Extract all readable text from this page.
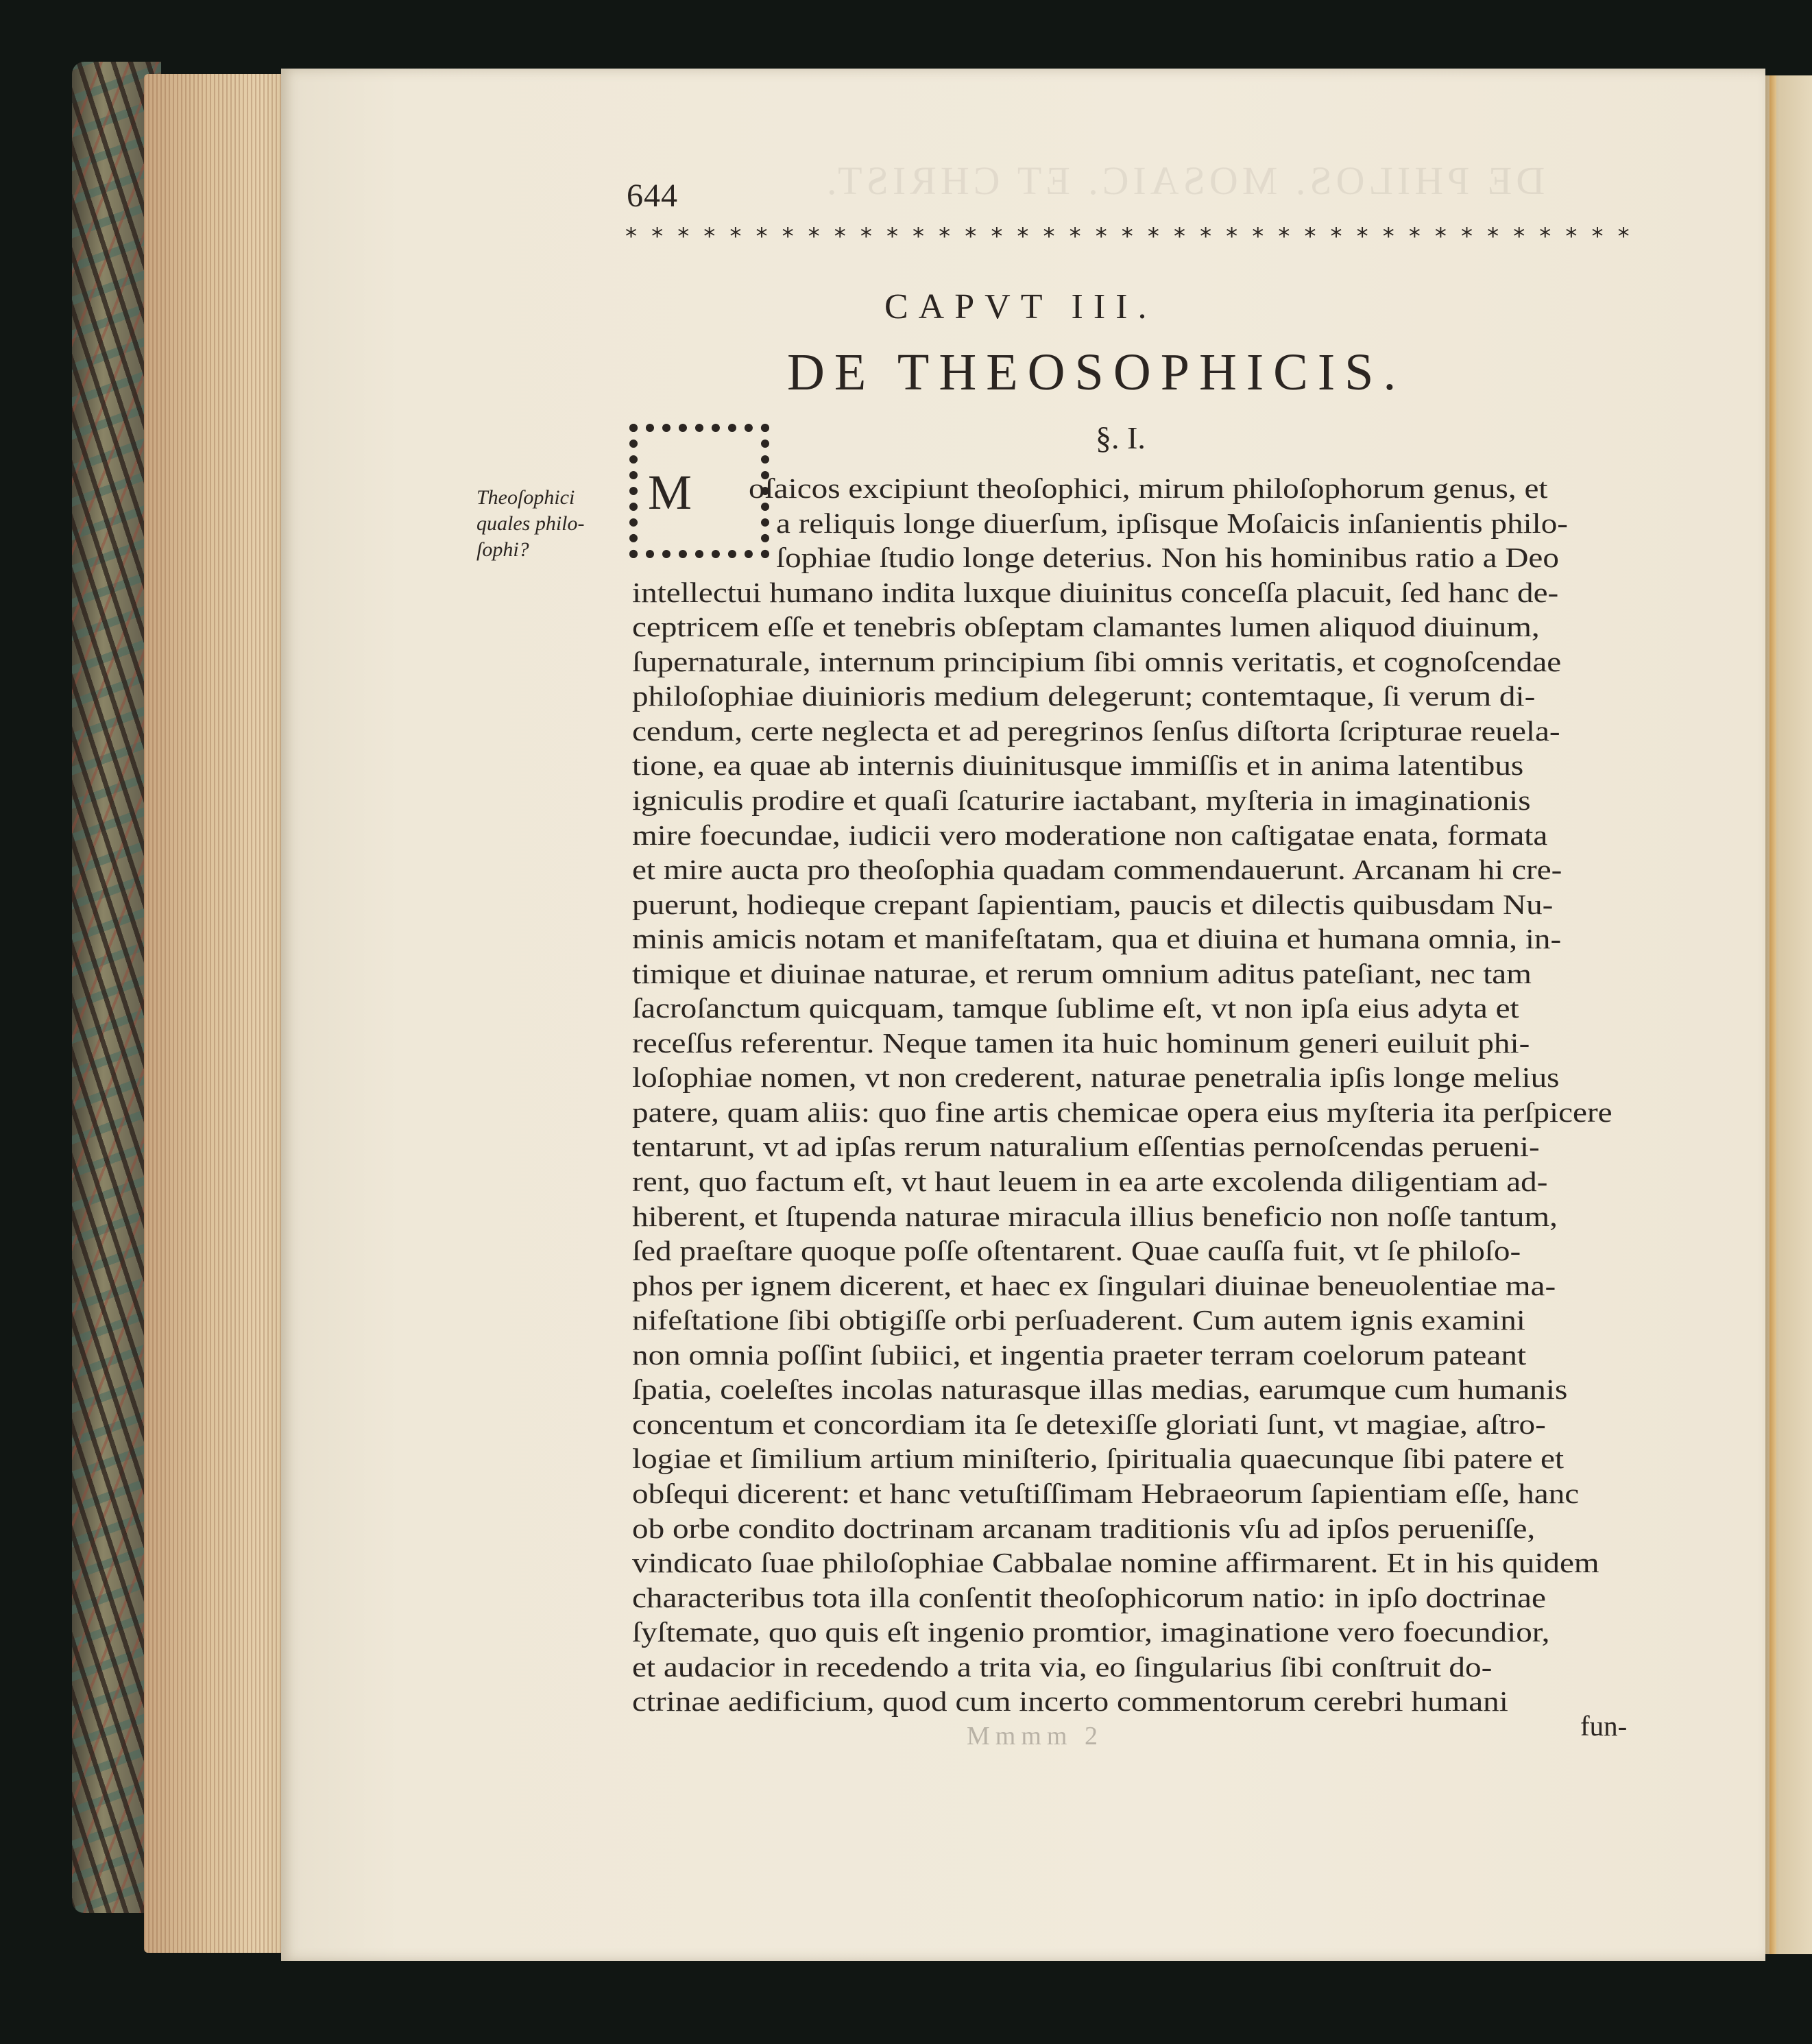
DE PHILOS. MOSAIC. ET CHRIST.
644
* * * * * * * * * * * * * * * * * * * * * * * * * * * * * * * * * * * * * * *
CAPVT III.
DE THEOSOPHICIS.
§. I.
Theoſophici
quales philo-
ſophi?
M oſaicos excipiunt theoſophici, mirum philoſophorum genus, et
a reliquis longe diuerſum, ipſisque Moſaicis inſanientis philo-
ſophiae ſtudio longe deterius. Non his hominibus ratio a Deo
intellectui humano indita luxque diuinitus conceſſa placuit, ſed hanc de-
ceptricem eſſe et tenebris obſeptam clamantes lumen aliquod diuinum,
ſupernaturale, internum principium ſibi omnis veritatis, et cognoſcendae
philoſophiae diuinioris medium delegerunt; contemtaque, ſi verum di-
cendum, certe neglecta et ad peregrinos ſenſus diſtorta ſcripturae reuela-
tione, ea quae ab internis diuinitusque immiſſis et in anima latentibus
igniculis prodire et quaſi ſcaturire iactabant, myſteria in imaginationis
mire foecundae, iudicii vero moderatione non caſtigatae enata, formata
et mire aucta pro theoſophia quadam commendauerunt. Arcanam hi cre-
puerunt, hodieque crepant ſapientiam, paucis et dilectis quibusdam Nu-
minis amicis notam et manifeſtatam, qua et diuina et humana omnia, in-
timique et diuinae naturae, et rerum omnium aditus pateſiant, nec tam
ſacroſanctum quicquam, tamque ſublime eſt, vt non ipſa eius adyta et
receſſus referentur. Neque tamen ita huic hominum generi euiluit phi-
loſophiae nomen, vt non crederent, naturae penetralia ipſis longe melius
patere, quam aliis: quo fine artis chemicae opera eius myſteria ita perſpicere
tentarunt, vt ad ipſas rerum naturalium eſſentias pernoſcendas perueni-
rent, quo factum eſt, vt haut leuem in ea arte excolenda diligentiam ad-
hiberent, et ſtupenda naturae miracula illius beneficio non noſſe tantum,
ſed praeſtare quoque poſſe oſtentarent. Quae cauſſa fuit, vt ſe philoſo-
phos per ignem dicerent, et haec ex ſingulari diuinae beneuolentiae ma-
nifeſtatione ſibi obtigiſſe orbi perſuaderent. Cum autem ignis examini
non omnia poſſint ſubiici, et ingentia praeter terram coelorum pateant
ſpatia, coeleſtes incolas naturasque illas medias, earumque cum humanis
concentum et concordiam ita ſe detexiſſe gloriati ſunt, vt magiae, aſtro-
logiae et ſimilium artium miniſterio, ſpiritualia quaecunque ſibi patere et
obſequi dicerent: et hanc vetuſtiſſimam Hebraeorum ſapientiam eſſe, hanc
ob orbe condito doctrinam arcanam traditionis vſu ad ipſos perueniſſe,
vindicato ſuae philoſophiae Cabbalae nomine affirmarent. Et in his quidem
characteribus tota illa conſentit theoſophicorum natio: in ipſo doctrinae
ſyſtemate, quo quis eſt ingenio promtior, imaginatione vero foecundior,
et audacior in recedendo a trita via, eo ſingularius ſibi conſtruit do-
ctrinae aedificium, quod cum incerto commentorum cerebri humani
Mmmm 2	fun-
